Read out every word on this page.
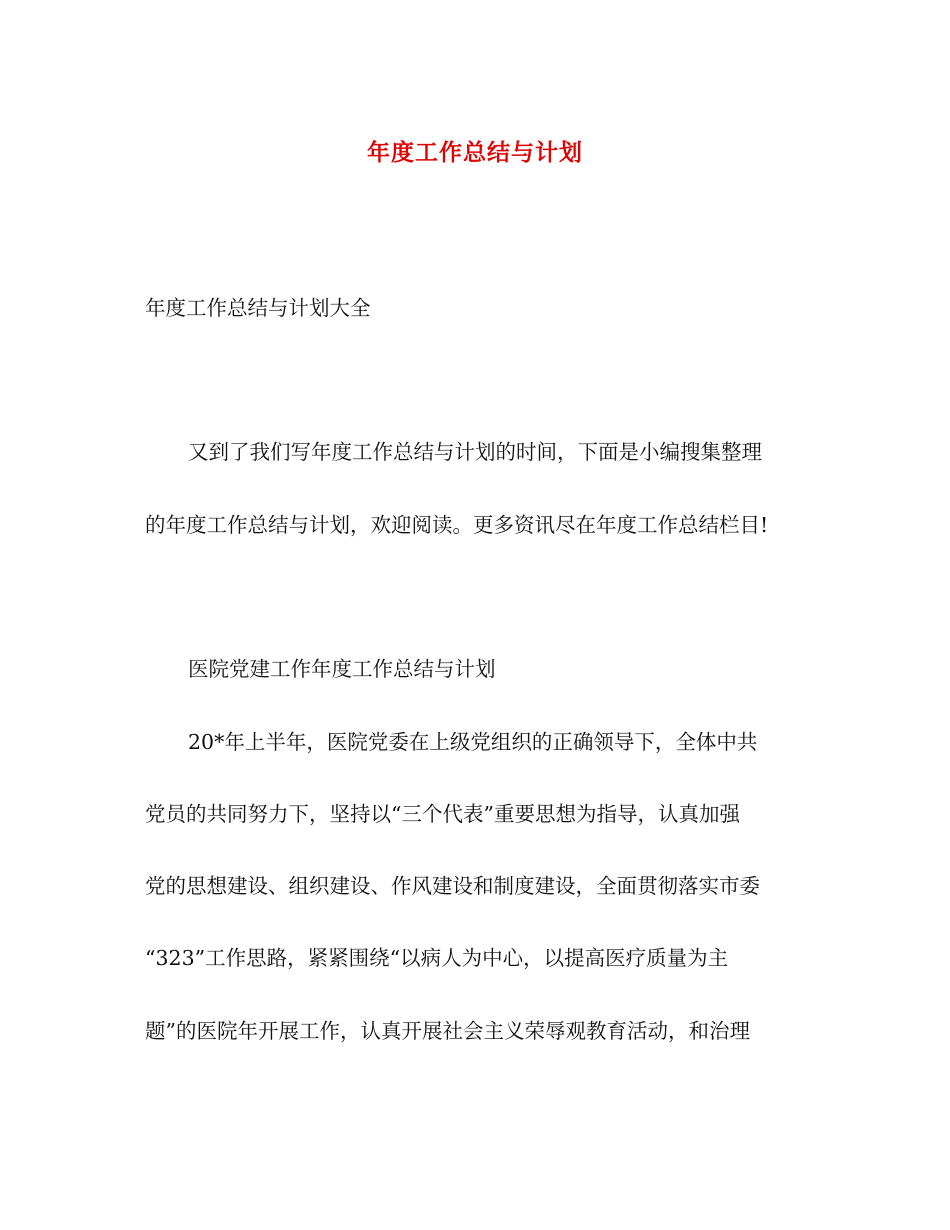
年度工作总结与计划
年度工作总结与计划大全
又到了我们写年度工作总结与计划的时间，下面是小编搜集整理
的年度工作总结与计划，欢迎阅读。更多资讯尽在年度工作总结栏目!
医院党建工作年度工作总结与计划
20*年上半年，医院党委在上级党组织的正确领导下，全体中共
党员的共同努力下，坚持以“三个代表”重要思想为指导，认真加强
党的思想建设、组织建设、作风建设和制度建设，全面贯彻落实市委
“323”工作思路，紧紧围绕“以病人为中心，以提高医疗质量为主
题”的医院年开展工作，认真开展社会主义荣辱观教育活动，和治理
